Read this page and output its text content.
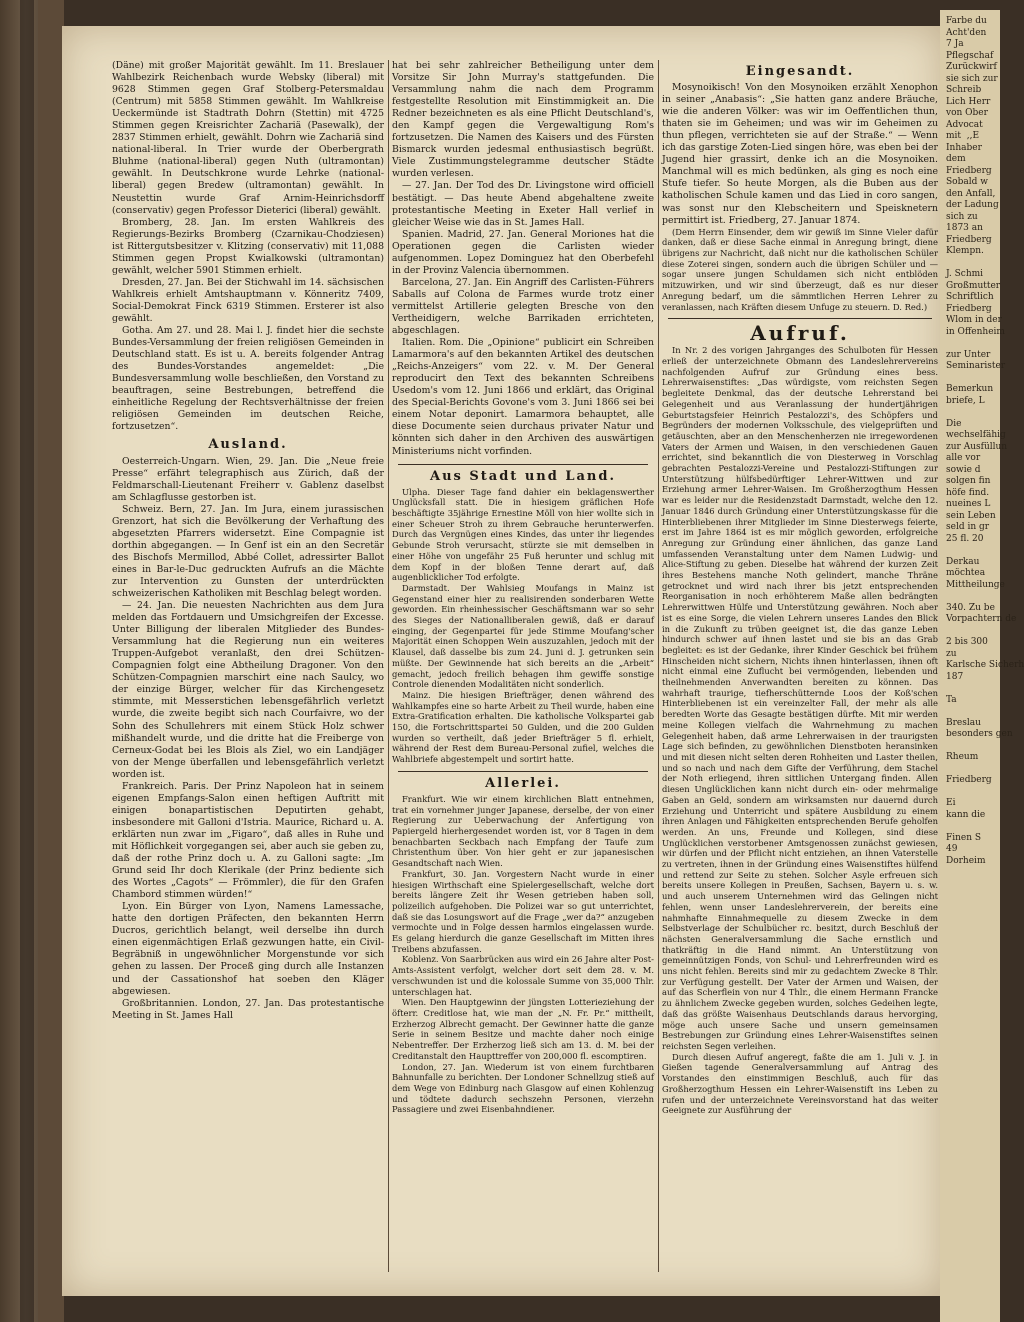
(Däne) mit großer Majorität gewählt. Im 11. Breslauer Wahlbezirk Reichenbach wurde Websky (liberal) mit 9628 Stimmen gegen Graf Stolberg-Petersmaldau (Centrum) mit 5858 Stimmen gewählt. Im Wahlkreise Ueckermünde ist Stadtrath Dohrn (Stettin) mit 4725 Stimmen gegen Kreisrichter Zachariä (Pasewalk), der 2837 Stimmen erhielt, gewählt. Dohrn wie Zachariä sind national-liberal. In Trier wurde der Oberbergrath Bluhme (national-liberal) gegen Nuth (ultramontan) gewählt. In Deutschkrone wurde Lehrke (national-liberal) gegen Bredew (ultramontan) gewählt. In Neustettin wurde Graf Arnim-Heinrichsdorff (conservativ) gegen Professor Dieterici (liberal) gewählt.

Bromberg, 28. Jan. Im ersten Wahlkreis des Regierungs-Bezirks Bromberg (Czarnikau-Chodziesen) ist Rittergutsbesitzer v. Klitzing (conservativ) mit 11,088 Stimmen gegen Propst Kwialkowski (ultramontan) gewählt, welcher 5901 Stimmen erhielt.

Dresden, 27. Jan. Bei der Stichwahl im 14. sächsischen Wahlkreis erhielt Amtshauptmann v. Könneritz 7409, Social-Demokrat Finck 6319 Stimmen. Ersterer ist also gewählt.

Gotha. Am 27. und 28. Mai l. J. findet hier die sechste Bundes-Versammlung der freien religiösen Gemeinden in Deutschland statt. Es ist u. A. bereits folgender Antrag des Bundes-Vorstandes angemeldet: „Die Bundesversammlung wolle beschließen, den Vorstand zu beauftragen, seine Bestrebungen, betreffend die einheitliche Regelung der Rechtsverhältnisse der freien religiösen Gemeinden im deutschen Reiche, fortzusetzen“.

Ausland.

Oesterreich-Ungarn. Wien, 29. Jan. Die „Neue freie Presse“ erfährt telegraphisch aus Zürich, daß der Feldmarschall-Lieutenant Freiherr v. Gablenz daselbst am Schlagflusse gestorben ist.

Schweiz. Bern, 27. Jan. Im Jura, einem jurassischen Grenzort, hat sich die Bevölkerung der Verhaftung des abgesetzten Pfarrers widersetzt. Eine Compagnie ist dorthin abgegangen. — In Genf ist ein an den Secretär des Bischofs Mermillod, Abbé Collet, adressirter Ballot eines in Bar-le-Duc gedruckten Aufrufs an die Mächte zur Intervention zu Gunsten der unterdrückten schweizerischen Katholiken mit Beschlag belegt worden.

— 24. Jan. Die neuesten Nachrichten aus dem Jura melden das Fortdauern und Umsichgreifen der Excesse. Unter Billigung der liberalen Mitglieder des Bundes-Versammlung hat die Regierung nun ein weiteres Truppen-Aufgebot veranlaßt, den drei Schützen-Compagnien folgt eine Abtheilung Dragoner. Von den Schützen-Compagnien marschirt eine nach Saulcy, wo der einzige Bürger, welcher für das Kirchengesetz stimmte, mit Messerstichen lebensgefährlich verletzt wurde, die zweite begibt sich nach Courfaivre, wo der Sohn des Schullehrers mit einem Stück Holz schwer mißhandelt wurde, und die dritte hat die Freiberge von Cerneux-Godat bei les Blois als Ziel, wo ein Landjäger von der Menge überfallen und lebensgefährlich verletzt worden ist.

Frankreich. Paris. Der Prinz Napoleon hat in seinem eigenen Empfangs-Salon einen heftigen Auftritt mit einigen bonapartistischen Deputirten gehabt, insbesondere mit Galloni d'Istria. Maurice, Richard u. A. erklärten nun zwar im „Figaro“, daß alles in Ruhe und mit Höflichkeit vorgegangen sei, aber auch sie geben zu, daß der rothe Prinz doch u. A. zu Galloni sagte: „Im Grund seid Ihr doch Klerikale (der Prinz bediente sich des Wortes „Cagots“ — Frömmler), die für den Grafen Chambord stimmen würden!“

Lyon. Ein Bürger von Lyon, Namens Lamessache, hatte den dortigen Präfecten, den bekannten Herrn Ducros, gerichtlich belangt, weil derselbe ihn durch einen eigenmächtigen Erlaß gezwungen hatte, ein Civil-Begräbniß in ungewöhnlicher Morgenstunde vor sich gehen zu lassen. Der Proceß ging durch alle Instanzen und der Cassationshof hat soeben den Kläger abgewiesen.

Großbritannien. London, 27. Jan. Das protestantische Meeting in St. James Hall

hat bei sehr zahlreicher Betheiligung unter dem Vorsitze Sir John Murray's stattgefunden. Die Versammlung nahm die nach dem Programm festgestellte Resolution mit Einstimmigkeit an. Die Redner bezeichneten es als eine Pflicht Deutschland's, den Kampf gegen die Vergewaltigung Rom's fortzusetzen. Die Namen des Kaisers und des Fürsten Bismarck wurden jedesmal enthusiastisch begrüßt. Viele Zustimmungstelegramme deutscher Städte wurden verlesen.

— 27. Jan. Der Tod des Dr. Livingstone wird officiell bestätigt. — Das heute Abend abgehaltene zweite protestantische Meeting in Exeter Hall verlief in gleicher Weise wie das in St. James Hall.

Spanien. Madrid, 27. Jan. General Moriones hat die Operationen gegen die Carlisten wieder aufgenommen. Lopez Dominguez hat den Oberbefehl in der Provinz Valencia übernommen.

Barcelona, 27. Jan. Ein Angriff des Carlisten-Führers Saballs auf Colona de Farmes wurde trotz einer vermittelst Artillerie gelegten Bresche von den Vertheidigern, welche Barrikaden errichteten, abgeschlagen.

Italien. Rom. Die „Opinione“ publicirt ein Schreiben Lamarmora's auf den bekannten Artikel des deutschen „Reichs-Anzeigers“ vom 22. v. M. Der General reproducirt den Text des bekannten Schreibens Usedom's vom 12. Juni 1866 und erklärt, das Original des Special-Berichts Govone's vom 3. Juni 1866 sei bei einem Notar deponirt. Lamarmora behauptet, alle diese Documente seien durchaus privater Natur und könnten sich daher in den Archiven des auswärtigen Ministeriums nicht vorfinden.

Aus Stadt und Land.

Ulpha. Dieser Tage fand dahier ein beklagenswerther Unglücksfall statt. Die in hiesigem gräflichen Hofe beschäftigte 35jährige Ernestine Möll von hier wollte sich in einer Scheuer Stroh zu ihrem Gebrauche herunterwerfen. Durch das Vergnügen eines Kindes, das unter ihr liegendes Gebunde Stroh verursacht, stürzte sie mit demselben in einer Höhe von ungefähr 25 Fuß herunter und schlug mit dem Kopf in der bloßen Tenne derart auf, daß augenblicklicher Tod erfolgte.

Darmstadt. Der Wahlsieg Moufangs in Mainz ist Gegenstand einer hier zu realisirenden sonderbaren Wette geworden. Ein rheinhessischer Geschäftsmann war so sehr des Sieges der Nationalliberalen gewiß, daß er darauf einging, der Gegenpartei für jede Stimme Moufang'scher Majorität einen Schoppen Wein auszuzahlen, jedoch mit der Klausel, daß dasselbe bis zum 24. Juni d. J. getrunken sein müßte. Der Gewinnende hat sich bereits an die „Arbeit“ gemacht, jedoch freilich behagen ihm gewiffe sonstige Controle dienenden Modalitäten nicht sonderlich.

Mainz. Die hiesigen Briefträger, denen während des Wahlkampfes eine so harte Arbeit zu Theil wurde, haben eine Extra-Gratification erhalten. Die katholische Volkspartei gab 150, die Fortschrittspartei 50 Gulden, und die 200 Gulden wurden so vertheilt, daß jeder Briefträger 5 fl. erhielt, während der Rest dem Bureau-Personal zufiel, welches die Wahlbriefe abgestempelt und sortirt hatte.

Allerlei.

Frankfurt. Wie wir einem kirchlichen Blatt entnehmen, trat ein vornehmer junger Japanese, derselbe, der von einer Regierung zur Ueberwachung der Anfertigung von Papiergeld hierhergesendet worden ist, vor 8 Tagen in dem benachbarten Seckbach nach Empfang der Taufe zum Christenthum über. Von hier geht er zur japanesischen Gesandtschaft nach Wien.

Frankfurt, 30. Jan. Vorgestern Nacht wurde in einer hiesigen Wirthschaft eine Spielergesellschaft, welche dort bereits längere Zeit ihr Wesen getrieben haben soll, polizeilich aufgehoben. Die Polizei war so gut unterrichtet, daß sie das Losungswort auf die Frage „wer da?“ anzugeben vermochte und in Folge dessen harmlos eingelassen wurde. Es gelang hierdurch die ganze Gesellschaft im Mitten ihres Treibens abzufassen.

Koblenz. Von Saarbrücken aus wird ein 26 Jahre alter Post-Amts-Assistent verfolgt, welcher dort seit dem 28. v. M. verschwunden ist und die kolossale Summe von 35,000 Thlr. unterschlagen hat.

Wien. Den Hauptgewinn der jüngsten Lotterieziehung der öfterr. Creditlose hat, wie man der „N. Fr. Pr.“ mittheilt, Erzherzog Albrecht gemacht. Der Gewinner hatte die ganze Serie in seinem Besitze und machte daher noch einige Nebentreffer. Der Erzherzog ließ sich am 13. d. M. bei der Creditanstalt den Haupttreffer von 200,000 fl. escomptiren.

London, 27. Jan. Wiederum ist von einem furchtbaren Bahnunfalle zu berichten. Der Londoner Schnellzug stieß auf dem Wege von Edinburg nach Glasgow auf einen Kohlenzug und tödtete dadurch sechszehn Personen, vierzehn Passagiere und zwei Eisenbahndiener.

Eingesandt.

Mosynoikisch! Von den Mosynoiken erzählt Xenophon in seiner „Anabasis“: „Sie hatten ganz andere Bräuche, wie die anderen Völker: was wir im Oeffentlichen thun, thaten sie im Geheimen; und was wir im Geheimen zu thun pflegen, verrichteten sie auf der Straße.“ — Wenn ich das garstige Zoten-Lied singen höre, was eben bei der Jugend hier grassirt, denke ich an die Mosynoiken. Manchmal will es mich bedünken, als ging es noch eine Stufe tiefer. So heute Morgen, als die Buben aus der katholischen Schule kamen und das Lied in coro sangen, was sonst nur den Klebscheitern und Speisknetern permittirt ist. Friedberg, 27. Januar 1874.

(Dem Herrn Einsender, dem wir gewiß im Sinne Vieler dafür danken, daß er diese Sache einmal in Anregung bringt, diene übrigens zur Nachricht, daß nicht nur die katholischen Schüler diese Zoterei singen, sondern auch die übrigen Schüler und — sogar unsere jungen Schuldamen sich nicht entblöden mitzuwirken, und wir sind überzeugt, daß es nur dieser Anregung bedarf, um die sämmtlichen Herren Lehrer zu veranlassen, nach Kräften diesem Unfuge zu steuern. D. Red.)

Aufruf.

In Nr. 2 des vorigen Jahrganges des Schulboten für Hessen erließ der unterzeichnete Obmann des Landeslehrervereins nachfolgenden Aufruf zur Gründung eines bess. Lehrerwaisenstiftes: „Das würdigste, vom reichsten Segen begleitete Denkmal, das der deutsche Lehrerstand bei Gelegenheit und aus Veranlassung der hundertjährigen Geburtstagsfeier Heinrich Pestalozzi's, des Schöpfers und Begründers der modernen Volksschule, des vielgeprüften und getäuschten, aber an den Menschenherzen nie irregewordenen Vaters der Armen und Waisen, in den verschiedenen Gauen errichtet, sind bekanntlich die von Diesterweg in Vorschlag gebrachten Pestalozzi-Vereine und Pestalozzi-Stiftungen zur Unterstützung hülfsbedürftiger Lehrer-Wittwen und zur Erziehung armer Lehrer-Waisen. Im Großherzogthum Hessen war es leider nur die Residenzstadt Darmstadt, welche den 12. Januar 1846 durch Gründung einer Unterstützungskasse für die Hinterbliebenen ihrer Mitglieder im Sinne Diesterwegs feierte, erst im Jahre 1864 ist es mir möglich geworden, erfolgreiche Anregung zur Gründung einer ähnlichen, das ganze Land umfassenden Veranstaltung unter dem Namen Ludwig- und Alice-Stiftung zu geben. Dieselbe hat während der kurzen Zeit ihres Bestehens manche Noth gelindert, manche Thräne getrocknet und wird nach ihrer bis jetzt entsprechenden Reorganisation in noch erhöhterem Maße allen bedrängten Lehrerwittwen Hülfe und Unterstützung gewähren. Noch aber ist es eine Sorge, die vielen Lehrern unseres Landes den Blick in die Zukunft zu trüben geeignet ist, die das ganze Leben hindurch schwer auf ihnen lastet und sie bis an das Grab begleitet: es ist der Gedanke, ihrer Kinder Geschick bei frühem Hinscheiden nicht sichern, Nichts ihnen hinterlassen, ihnen oft nicht einmal eine Zuflucht bei vermögenden, liebenden und theilnehmenden Anverwandten bereiten zu können. Das wahrhaft traurige, tiefherschütternde Loos der Koß'schen Hinterbliebenen ist ein vereinzelter Fall, der mehr als alle beredten Worte das Gesagte bestätigen dürfte. Mit mir werden meine Kollegen vielfach die Wahrnehmung zu machen Gelegenheit haben, daß arme Lehrerwaisen in der traurigsten Lage sich befinden, zu gewöhnlichen Dienstboten heransinken und mit diesen nicht selten deren Rohheiten und Laster theilen, und so nach und nach dem Gifte der Verführung, dem Stachel der Noth erliegend, ihren sittlichen Untergang finden. Allen diesen Unglücklichen kann nicht durch ein- oder mehrmalige Gaben an Geld, sondern am wirksamsten nur dauernd durch Erziehung und Unterricht und spätere Ausbildung zu einem ihren Anlagen und Fähigkeiten entsprechenden Berufe geholfen werden. An uns, Freunde und Kollegen, sind diese Unglücklichen verstorbener Amtsgenossen zunächst gewiesen, wir dürfen und der Pflicht nicht entziehen, an ihnen Vaterstelle zu vertreten, ihnen in der Gründung eines Waisenstiftes hülfend und rettend zur Seite zu stehen. Solcher Asyle erfreuen sich bereits unsere Kollegen in Preußen, Sachsen, Bayern u. s. w. und auch unserem Unternehmen wird das Gelingen nicht fehlen, wenn unser Landeslehrerverein, der bereits eine nahmhafte Einnahmequelle zu diesem Zwecke in dem Selbstverlage der Schulbücher rc. besitzt, durch Beschluß der nächsten Generalversammlung die Sache ernstlich und thatkräftig in die Hand nimmt. An Unterstützung von gemeinnützigen Fonds, von Schul- und Lehrerfreunden wird es uns nicht fehlen. Bereits sind mir zu gedachtem Zwecke 8 Thlr. zur Verfügung gestellt. Der Vater der Armen und Waisen, der auf das Scherflein von nur 4 Thlr., die einem Hermann Francke zu ähnlichem Zwecke gegeben wurden, solches Gedeihen legte, daß das größte Waisenhaus Deutschlands daraus hervorging, möge auch unsere Sache und unsern gemeinsamen Bestrebungen zur Gründung eines Lehrer-Waisenstiftes seinen reichsten Segen verleihen.

Durch diesen Aufruf angeregt, faßte die am 1. Juli v. J. in Gießen tagende Generalversammlung auf Antrag des Vorstandes den einstimmigen Beschluß, auch für das Großherzogthum Hessen ein Lehrer-Waisenstift ins Leben zu rufen und der unterzeichnete Vereinsvorstand hat das weiter Geeignete zur Ausführung der

Farbe du
Acht'den
7 Ja
Pflegschaf
Zurückwirf
sie sich zur
Schreib
Lich Herr
von Ober
Advocat
mit  ,,E
Inhaber
dem
Friedberg
Sobald w
den Anfall,
der Ladung
sich zu
1873 an
Friedberg
Klempn.

J. Schmi
Großmutter
Schriftlich
Friedberg
Wlom in der
in Offenheim

zur Unter
Seminarister

Bemerkun
briefe, L

Die
wechselfähig
zur Ausfüllun
alle vor
sowie d
solgen fin
höfe find.
nueines L
sein Leben
seld in gr
25 fl. 20

Derkau
möchtea
Mittheilunge

340. Zu be
Vorpachtern de

2 bis 300
zu
Karlsche Sicherh
187

Ta

Breslau
besonders gen

Rheum

Friedberg

Ei
kann die

Finen S
49
Dorheim
